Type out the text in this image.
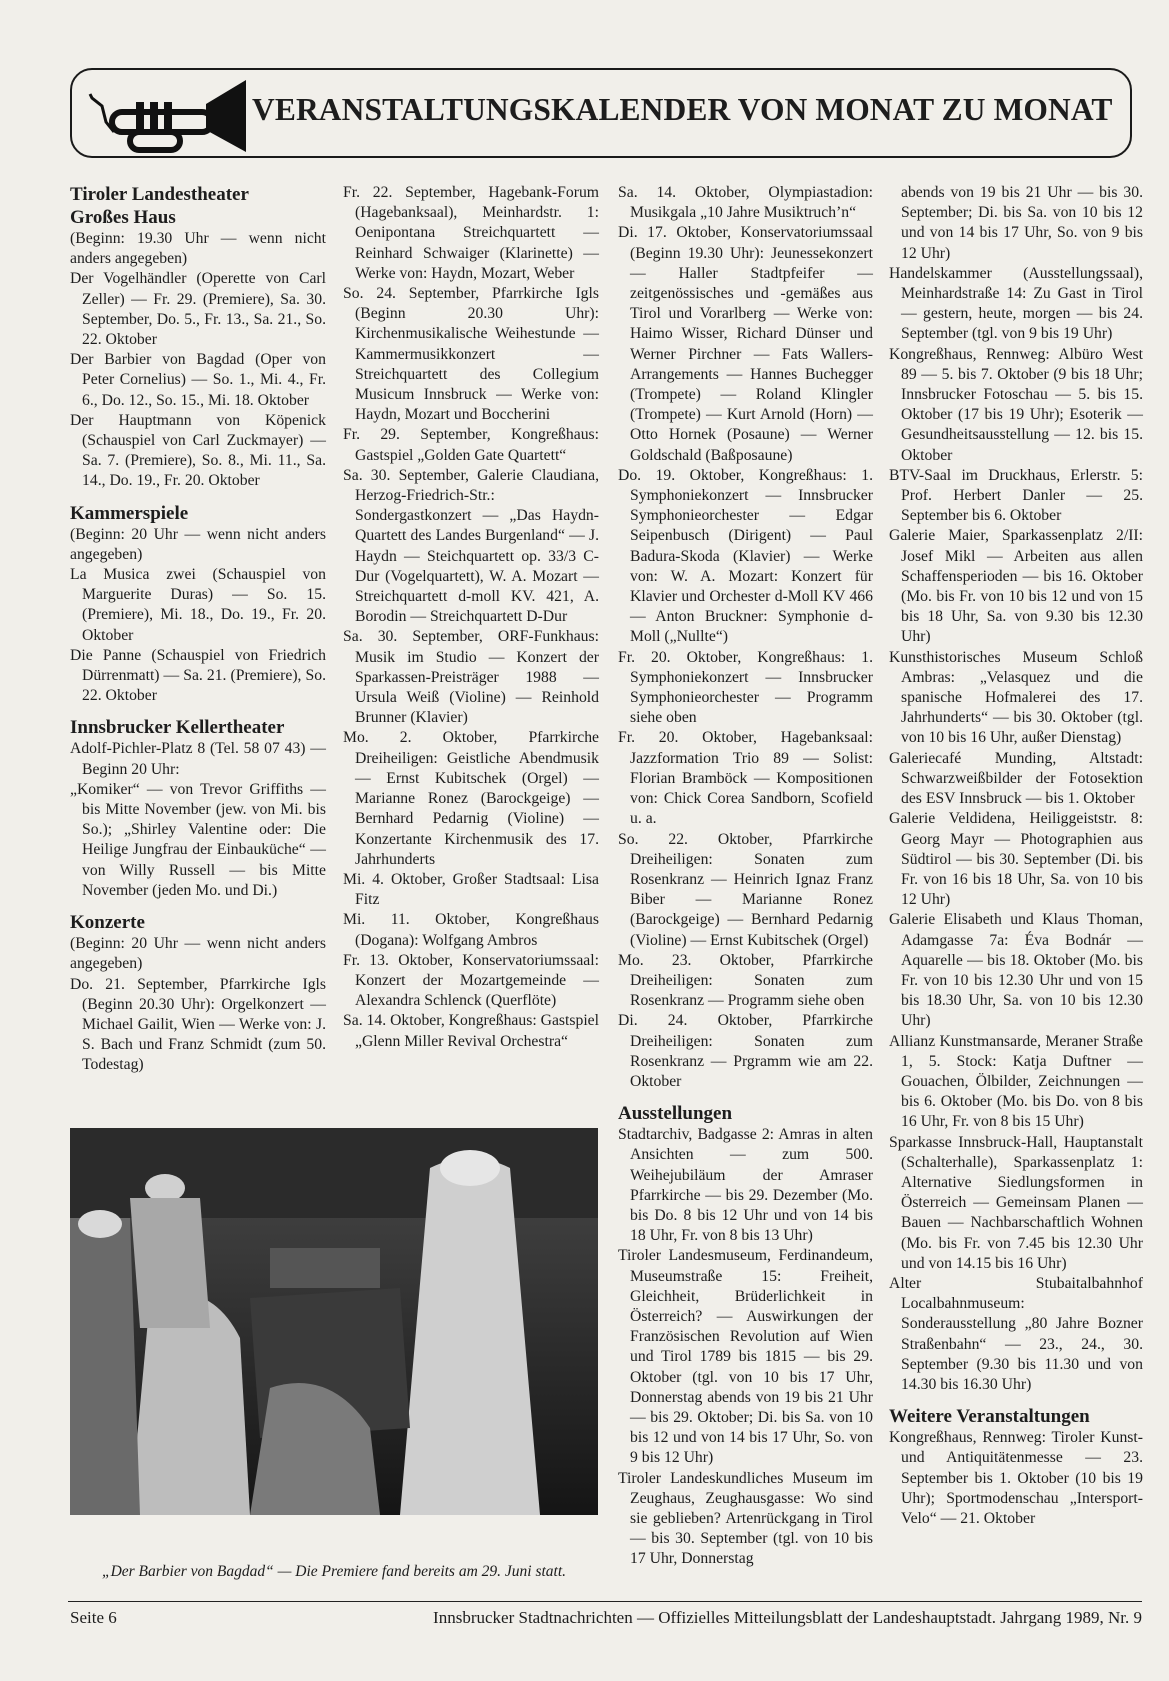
VERANSTALTUNGSKALENDER VON MONAT ZU MONAT
Tiroler Landestheater
Großes Haus

(Beginn: 19.30 Uhr — wenn nicht anders angegeben)

Der Vogelhändler (Operette von Carl Zeller) — Fr. 29. (Premiere), Sa. 30. September, Do. 5., Fr. 13., Sa. 21., So. 22. Oktober

Der Barbier von Bagdad (Oper von Peter Cornelius) — So. 1., Mi. 4., Fr. 6., Do. 12., So. 15., Mi. 18. Oktober

Der Hauptmann von Köpenick (Schauspiel von Carl Zuckmayer) — Sa. 7. (Premiere), So. 8., Mi. 11., Sa. 14., Do. 19., Fr. 20. Oktober

Kammerspiele

(Beginn: 20 Uhr — wenn nicht anders angegeben)

La Musica zwei (Schauspiel von Marguerite Duras) — So. 15. (Premiere), Mi. 18., Do. 19., Fr. 20. Oktober

Die Panne (Schauspiel von Friedrich Dürrenmatt) — Sa. 21. (Premiere), So. 22. Oktober

Innsbrucker Kellertheater

Adolf-Pichler-Platz 8 (Tel. 58 07 43) — Beginn 20 Uhr:

„Komiker“ — von Trevor Griffiths — bis Mitte November (jew. von Mi. bis So.); „Shirley Valentine oder: Die Heilige Jungfrau der Einbauküche“ — von Willy Russell — bis Mitte November (jeden Mo. und Di.)

Konzerte

(Beginn: 20 Uhr — wenn nicht anders angegeben)

Do. 21. September, Pfarrkirche Igls (Beginn 20.30 Uhr): Orgelkonzert — Michael Gailit, Wien — Werke von: J. S. Bach und Franz Schmidt (zum 50. Todestag)

Fr. 22. September, Hagebank-Forum (Hagebanksaal), Meinhardstr. 1: Oenipontana Streichquartett — Reinhard Schwaiger (Klarinette) — Werke von: Haydn, Mozart, Weber

So. 24. September, Pfarrkirche Igls (Beginn 20.30 Uhr): Kirchenmusikalische Weihestunde — Kammermusikkonzert — Streichquartett des Collegium Musicum Innsbruck — Werke von: Haydn, Mozart und Boccherini

Fr. 29. September, Kongreßhaus: Gastspiel „Golden Gate Quartett“

Sa. 30. September, Galerie Claudiana, Herzog-Friedrich-Str.: Sondergastkonzert — „Das Haydn-Quartett des Landes Burgenland“ — J. Haydn — Steichquartett op. 33/3 C-Dur (Vogelquartett), W. A. Mozart — Streichquartett d-moll KV. 421, A. Borodin — Streichquartett D-Dur

Sa. 30. September, ORF-Funkhaus: Musik im Studio — Konzert der Sparkassen-Preisträger 1988 — Ursula Weiß (Violine) — Reinhold Brunner (Klavier)

Mo. 2. Oktober, Pfarrkirche Dreiheiligen: Geistliche Abendmusik — Ernst Kubitschek (Orgel) — Marianne Ronez (Barockgeige) — Bernhard Pedarnig (Violine) — Konzertante Kirchenmusik des 17. Jahrhunderts

Mi. 4. Oktober, Großer Stadtsaal: Lisa Fitz

Mi. 11. Oktober, Kongreßhaus (Dogana): Wolfgang Ambros

Fr. 13. Oktober, Konservatoriumssaal: Konzert der Mozartgemeinde — Alexandra Schlenck (Querflöte)

Sa. 14. Oktober, Kongreßhaus: Gastspiel „Glenn Miller Revival Orchestra“

Sa. 14. Oktober, Olympiastadion: Musikgala „10 Jahre Musiktruch’n“

Di. 17. Oktober, Konservatoriumssaal (Beginn 19.30 Uhr): Jeunessekonzert — Haller Stadtpfeifer — zeitgenössisches und -gemäßes aus Tirol und Vorarlberg — Werke von: Haimo Wisser, Richard Dünser und Werner Pirchner — Fats Wallers-Arrangements — Hannes Buchegger (Trompete) — Roland Klingler (Trompete) — Kurt Arnold (Horn) — Otto Hornek (Posaune) — Werner Goldschald (Baßposaune)

Do. 19. Oktober, Kongreßhaus: 1. Symphoniekonzert — Innsbrucker Symphonieorchester — Edgar Seipenbusch (Dirigent) — Paul Badura-Skoda (Klavier) — Werke von: W. A. Mozart: Konzert für Klavier und Orchester d-Moll KV 466 — Anton Bruckner: Symphonie d-Moll („Nullte“)

Fr. 20. Oktober, Kongreßhaus: 1. Symphoniekonzert — Innsbrucker Symphonieorchester — Programm siehe oben

Fr. 20. Oktober, Hagebanksaal: Jazzformation Trio 89 — Solist: Florian Bramböck — Kompositionen von: Chick Corea Sandborn, Scofield u. a.

So. 22. Oktober, Pfarrkirche Dreiheiligen: Sonaten zum Rosenkranz — Heinrich Ignaz Franz Biber — Marianne Ronez (Barockgeige) — Bernhard Pedarnig (Violine) — Ernst Kubitschek (Orgel)

Mo. 23. Oktober, Pfarrkirche Dreiheiligen: Sonaten zum Rosenkranz — Programm siehe oben

Di. 24. Oktober, Pfarrkirche Dreiheiligen: Sonaten zum Rosenkranz — Prgramm wie am 22. Oktober

Ausstellungen

Stadtarchiv, Badgasse 2: Amras in alten Ansichten — zum 500. Weihejubiläum der Amraser Pfarrkirche — bis 29. Dezember (Mo. bis Do. 8 bis 12 Uhr und von 14 bis 18 Uhr, Fr. von 8 bis 13 Uhr)

Tiroler Landesmuseum, Ferdinandeum, Museumstraße 15: Freiheit, Gleichheit, Brüderlichkeit in Österreich? — Auswirkungen der Französischen Revolution auf Wien und Tirol 1789 bis 1815 — bis 29. Oktober (tgl. von 10 bis 17 Uhr, Donnerstag abends von 19 bis 21 Uhr — bis 29. Oktober; Di. bis Sa. von 10 bis 12 und von 14 bis 17 Uhr, So. von 9 bis 12 Uhr)

Tiroler Landeskundliches Museum im Zeughaus, Zeughausgasse: Wo sind sie geblieben? Artenrückgang in Tirol — bis 30. September (tgl. von 10 bis 17 Uhr, Donnerstag

abends von 19 bis 21 Uhr — bis 30. September; Di. bis Sa. von 10 bis 12 und von 14 bis 17 Uhr, So. von 9 bis 12 Uhr)

Handelskammer (Ausstellungssaal), Meinhardstraße 14: Zu Gast in Tirol — gestern, heute, morgen — bis 24. September (tgl. von 9 bis 19 Uhr)

Kongreßhaus, Rennweg: Albüro West 89 — 5. bis 7. Oktober (9 bis 18 Uhr; Innsbrucker Fotoschau — 5. bis 15. Oktober (17 bis 19 Uhr); Esoterik — Gesundheitsausstellung — 12. bis 15. Oktober

BTV-Saal im Druckhaus, Erlerstr. 5: Prof. Herbert Danler — 25. September bis 6. Oktober

Galerie Maier, Sparkassenplatz 2/II: Josef Mikl — Arbeiten aus allen Schaffensperioden — bis 16. Oktober (Mo. bis Fr. von 10 bis 12 und von 15 bis 18 Uhr, Sa. von 9.30 bis 12.30 Uhr)

Kunsthistorisches Museum Schloß Ambras: „Velasquez und die spanische Hofmalerei des 17. Jahrhunderts“ — bis 30. Oktober (tgl. von 10 bis 16 Uhr, außer Dienstag)

Galeriecafé Munding, Altstadt: Schwarzweißbilder der Fotosektion des ESV Innsbruck — bis 1. Oktober

Galerie Veldidena, Heiliggeiststr. 8: Georg Mayr — Photographien aus Südtirol — bis 30. September (Di. bis Fr. von 16 bis 18 Uhr, Sa. von 10 bis 12 Uhr)

Galerie Elisabeth und Klaus Thoman, Adamgasse 7a: Éva Bodnár — Aquarelle — bis 18. Oktober (Mo. bis Fr. von 10 bis 12.30 Uhr und von 15 bis 18.30 Uhr, Sa. von 10 bis 12.30 Uhr)

Allianz Kunstmansarde, Meraner Straße 1, 5. Stock: Katja Duftner — Gouachen, Ölbilder, Zeichnungen — bis 6. Oktober (Mo. bis Do. von 8 bis 16 Uhr, Fr. von 8 bis 15 Uhr)

Sparkasse Innsbruck-Hall, Hauptanstalt (Schalterhalle), Sparkassenplatz 1: Alternative Siedlungsformen in Österreich — Gemeinsam Planen — Bauen — Nachbarschaftlich Wohnen (Mo. bis Fr. von 7.45 bis 12.30 Uhr und von 14.15 bis 16 Uhr)

Alter Stubaitalbahnhof Localbahnmuseum: Sonderausstellung „80 Jahre Bozner Straßenbahn“ — 23., 24., 30. September (9.30 bis 11.30 und von 14.30 bis 16.30 Uhr)

Weitere Veranstaltungen

Kongreßhaus, Rennweg: Tiroler Kunst- und Antiquitätenmesse — 23. September bis 1. Oktober (10 bis 19 Uhr); Sportmodenschau „Intersport-Velo“ — 21. Oktober

„Der Barbier von Bagdad“ — Die Premiere fand bereits am 29. Juni statt.
Seite 6	Innsbrucker Stadtnachrichten — Offizielles Mitteilungsblatt der Landeshauptstadt. Jahrgang 1989, Nr. 9
